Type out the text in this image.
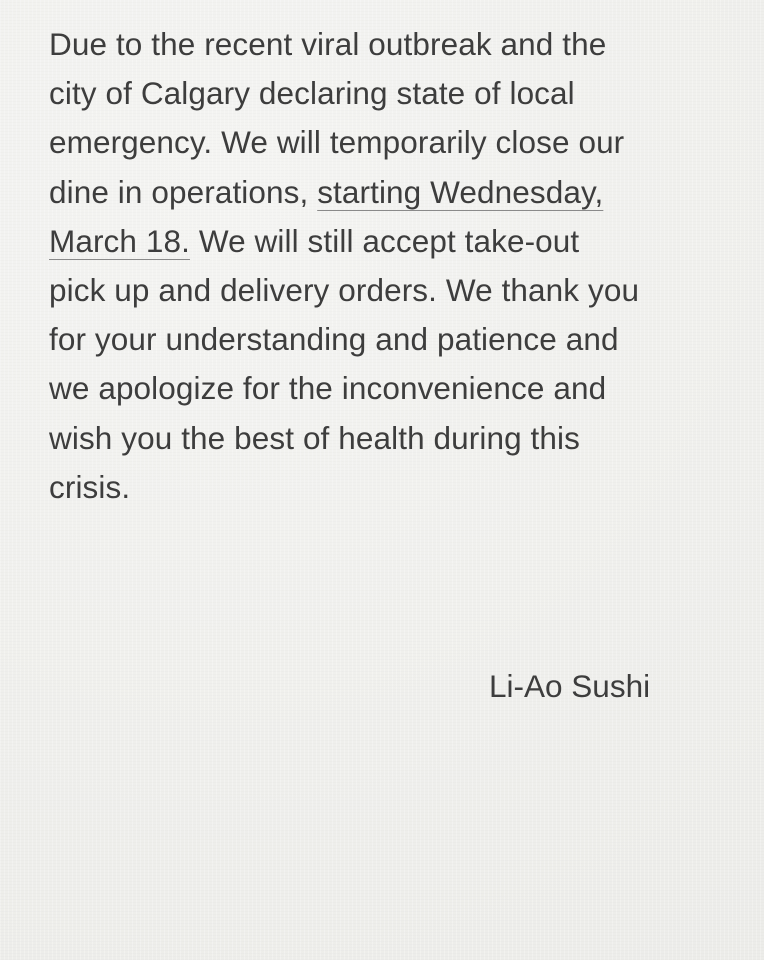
Due to the recent viral outbreak and the
city of Calgary declaring state of local
emergency. We will temporarily close our
dine in operations, starting Wednesday,
March 18. We will still accept take-out
pick up and delivery orders. We thank you
for your understanding and patience and
we apologize for the inconvenience and
wish you the best of health during this
crisis.
Li-Ao Sushi
